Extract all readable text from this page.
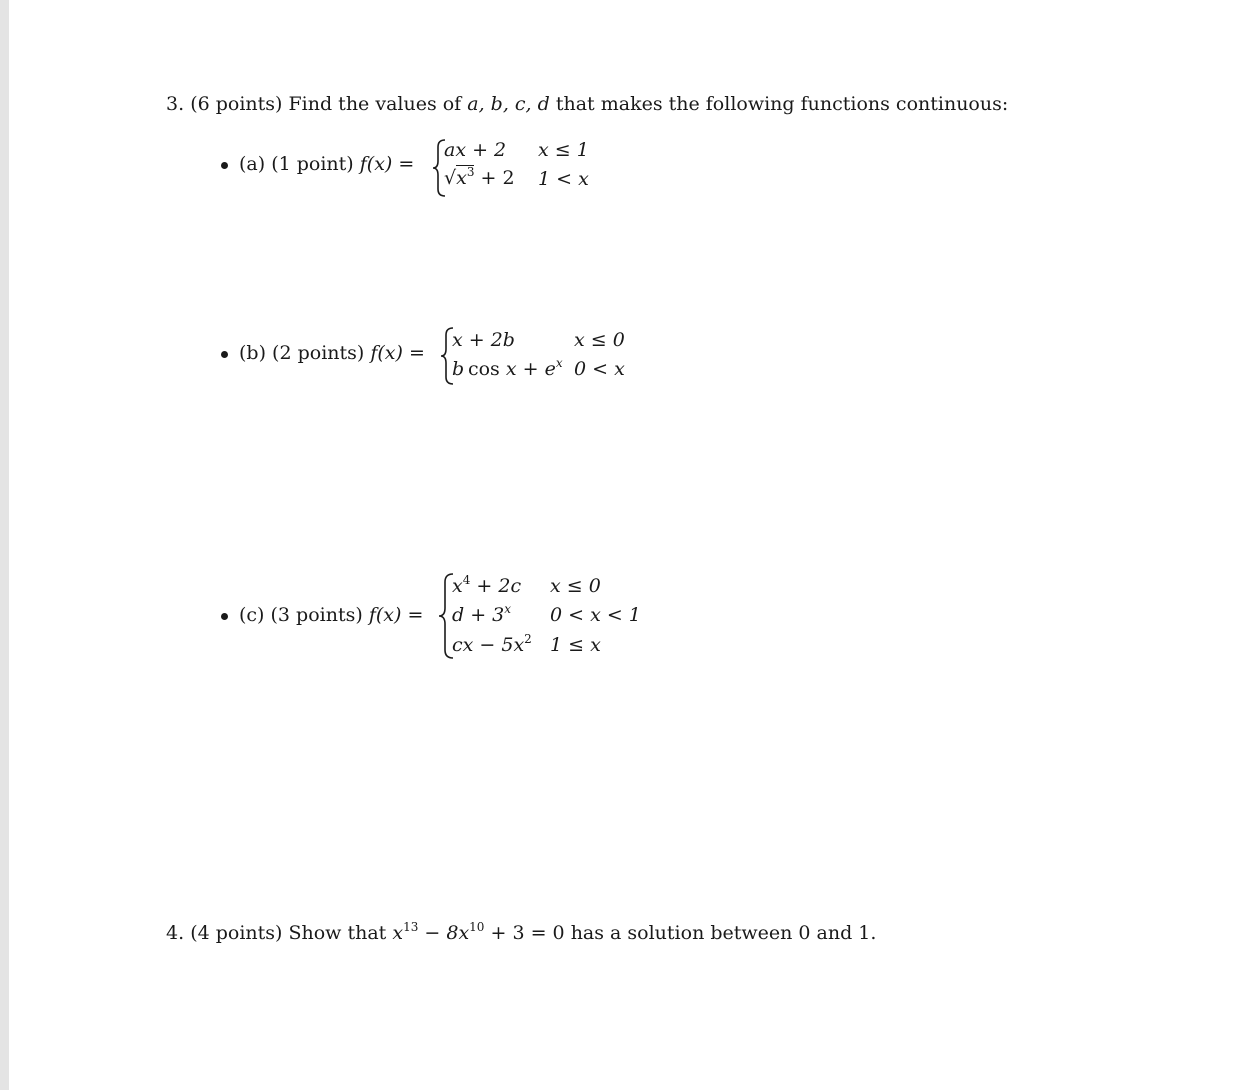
3. (6 points) Find the values of a, b, c, d that makes the following functions continuous:
(a) (1 point) f(x) =
ax + 2 x ≤ 1
$√x^3 + 2$ 1 < x
(b) (2 points) f(x) =
x + 2b	x ≤ 0
b  $\cos x + e^x$ 0 < x
(c) (3 points) f(x) =
$x^4 + 2c$ x ≤ 0
$d + 3^x$ 0 < x < 1
cx − $5x^2$ 1 ≤ x
4. (4 points) Show that $x^{13} - 8x^{10} + 3 = 0$ has a solution between 0 and 1.
